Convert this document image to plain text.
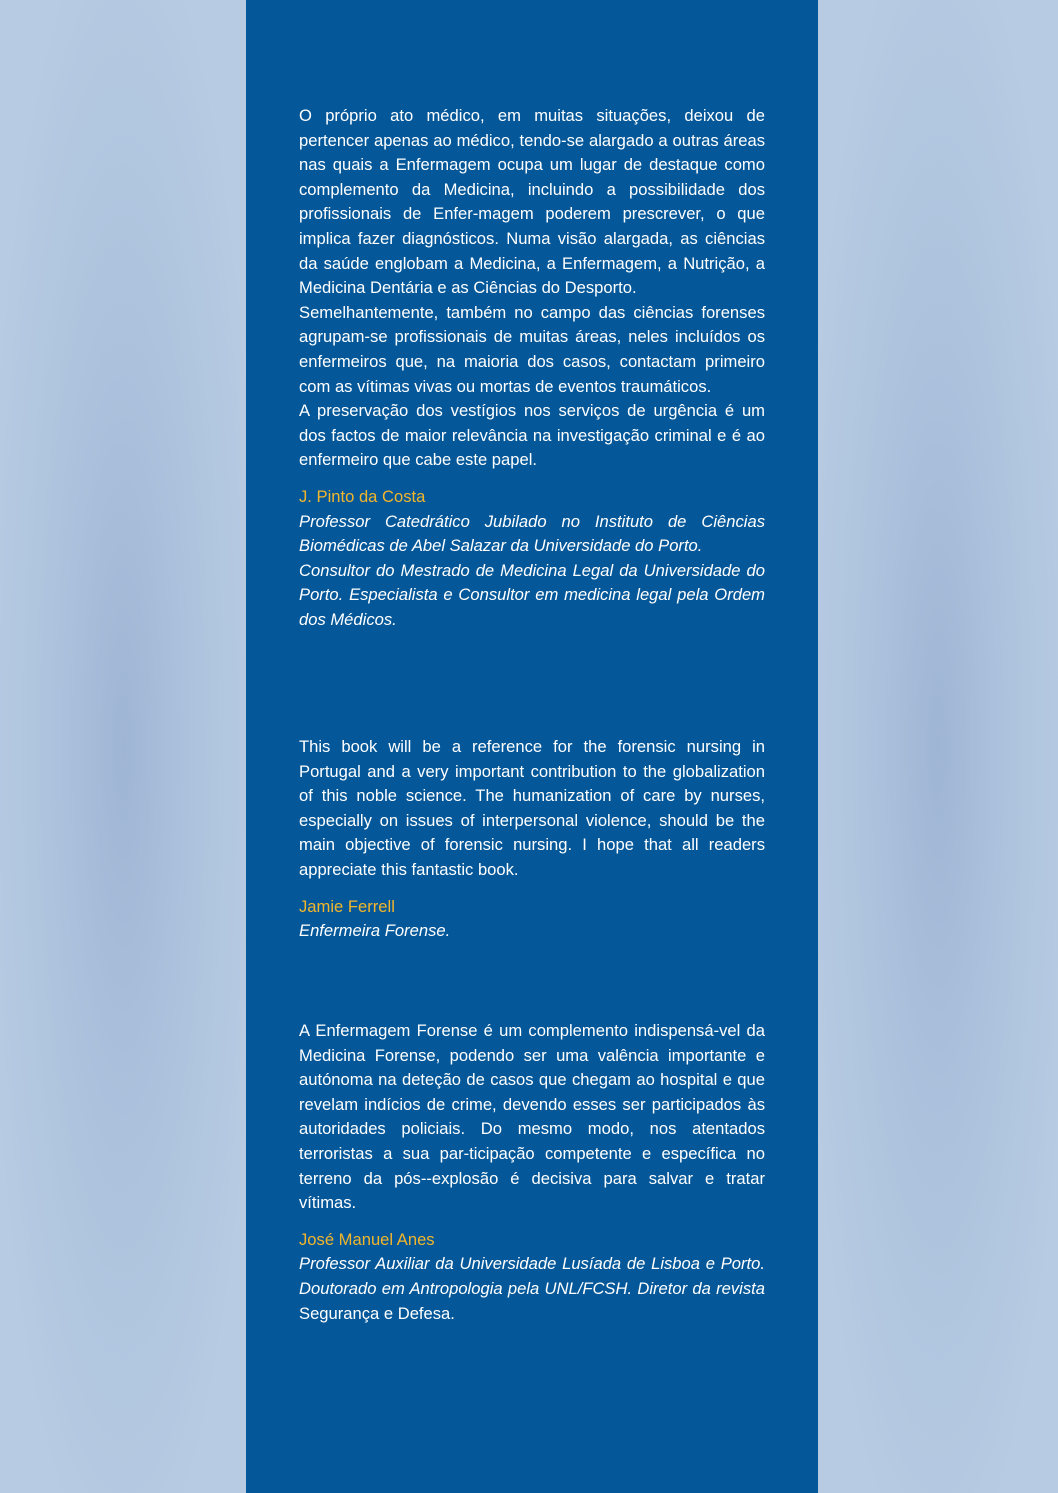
O próprio ato médico, em muitas situações, deixou de pertencer apenas ao médico, tendo-se alargado a outras áreas nas quais a Enfermagem ocupa um lugar de destaque como complemento da Medicina, incluindo a possibilidade dos profissionais de Enfer-magem poderem prescrever, o que implica fazer diagnósticos. Numa visão alargada, as ciências da saúde englobam a Medicina, a Enfermagem, a Nutrição, a Medicina Dentária e as Ciências do Desporto.

Semelhantemente, também no campo das ciências forenses agrupam-se profissionais de muitas áreas, neles incluídos os enfermeiros que, na maioria dos casos, contactam primeiro com as vítimas vivas ou mortas de eventos traumáticos.

A preservação dos vestígios nos serviços de urgência é um dos factos de maior relevância na investigação criminal e é ao enfermeiro que cabe este papel.

J. Pinto da Costa

Professor Catedrático Jubilado no Instituto de Ciências Biomédicas de Abel Salazar da Universidade do Porto.

Consultor do Mestrado de Medicina Legal da Universidade do Porto. Especialista e Consultor em medicina legal pela Ordem dos Médicos.

This book will be a reference for the forensic nursing in Portugal and a very important contribution to the globalization of this noble science. The humanization of care by nurses, especially on issues of interpersonal violence, should be the main objective of forensic nursing. I hope that all readers appreciate this fantastic book.

Jamie Ferrell

Enfermeira Forense.

A Enfermagem Forense é um complemento indispensá-vel da Medicina Forense, podendo ser uma valência importante e autónoma na deteção de casos que chegam ao hospital e que revelam indícios de crime, devendo esses ser participados às autoridades policiais. Do mesmo modo, nos atentados terroristas a sua par-ticipação competente e específica no terreno da pós--explosão é decisiva para salvar e tratar vítimas.

José Manuel Anes

Professor Auxiliar da Universidade Lusíada de Lisboa e Porto. Doutorado em Antropologia pela UNL/FCSH. Diretor da revista Segurança e Defesa.
